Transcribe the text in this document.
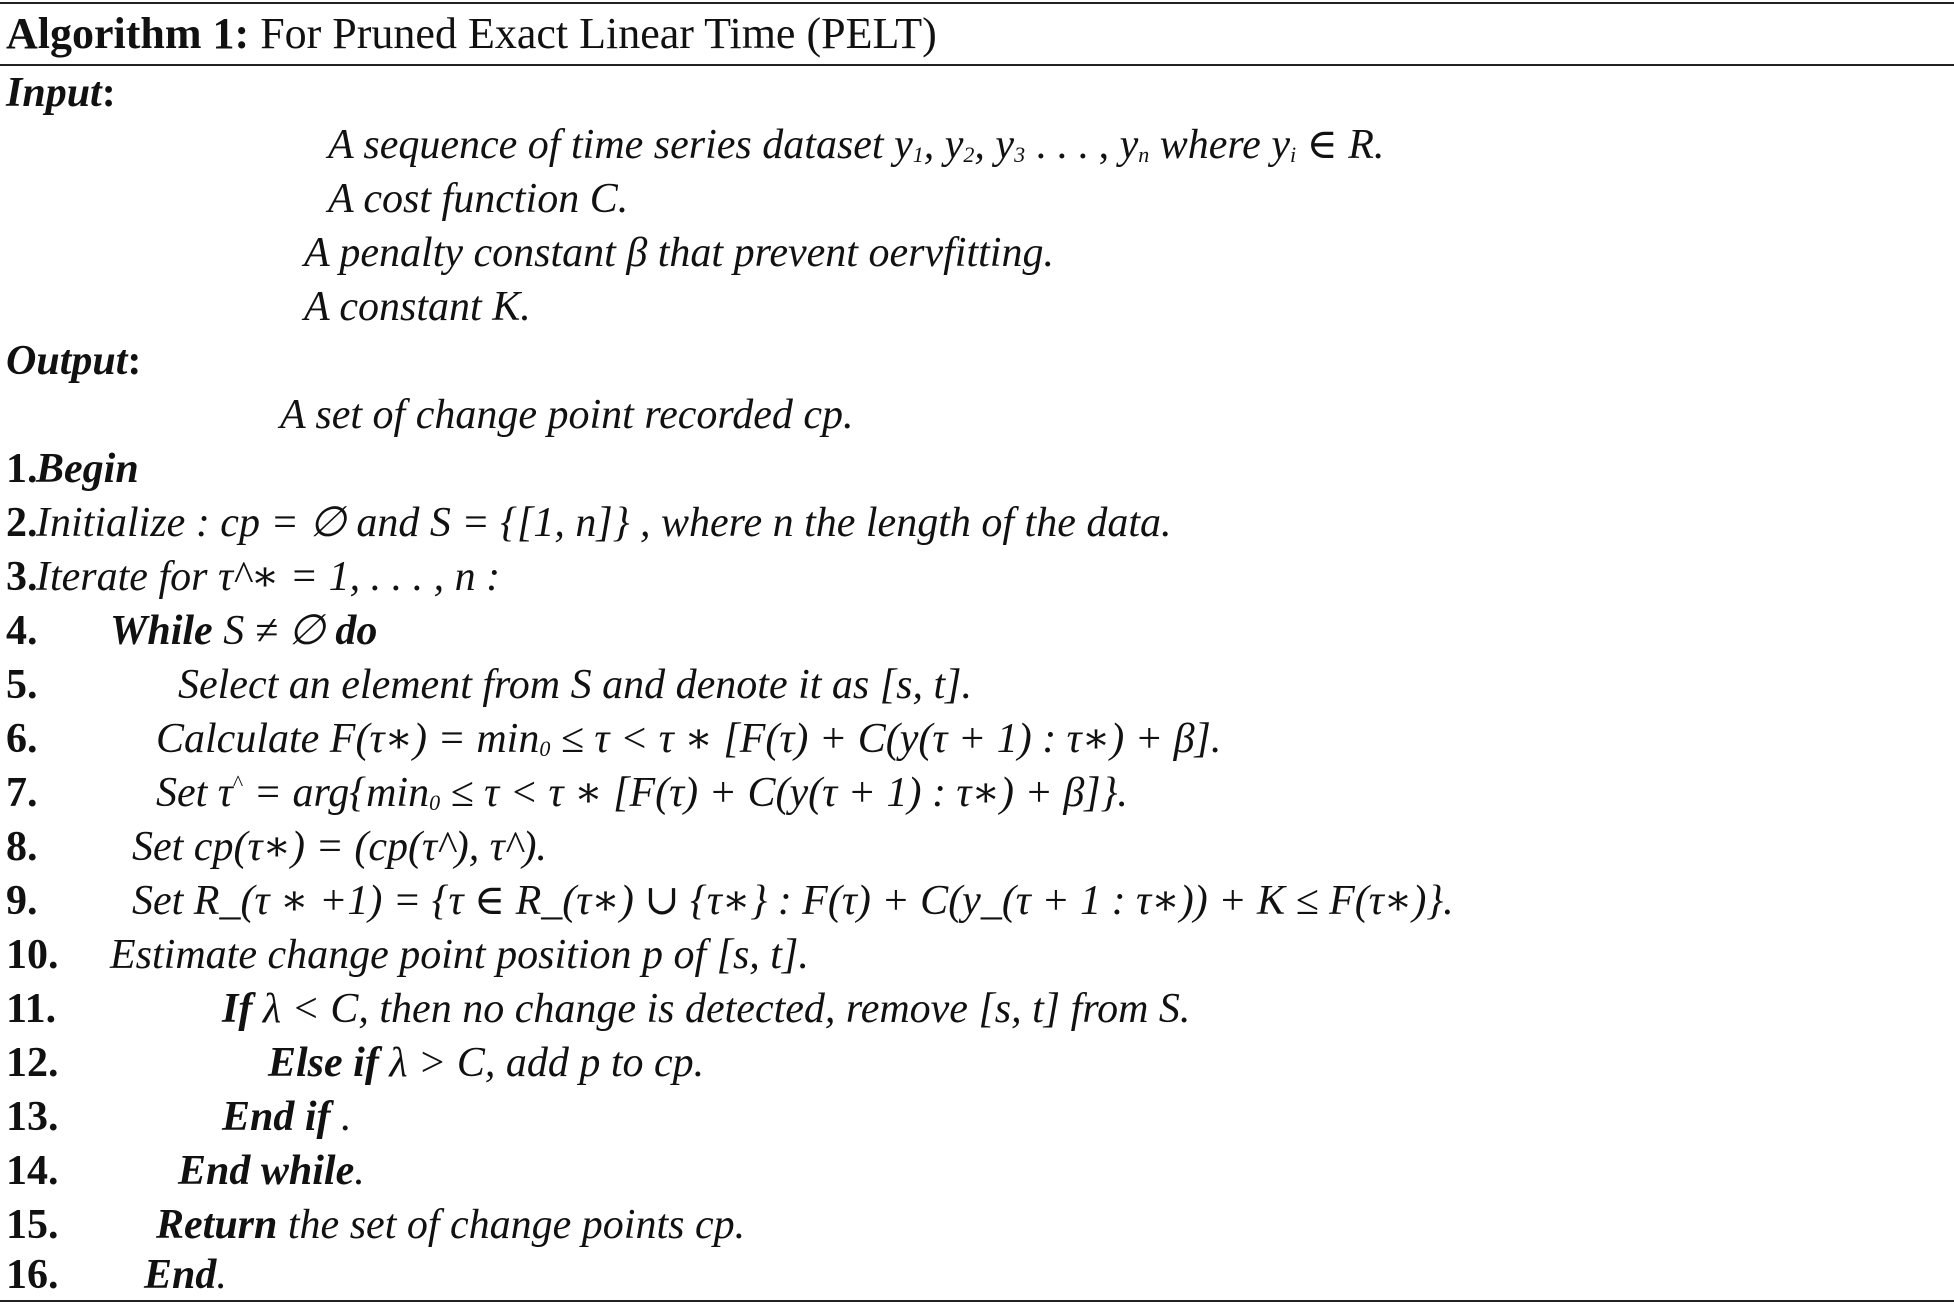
Algorithm 1: For Pruned Exact Linear Time (PELT)
Input:
A sequence of time series dataset $y_1$, $y_2$, $y_3$ . . . , $y_n$ where $y_i$ ∈ R.
A cost function C.
A penalty constant β that prevent oervfitting.
A constant K.
Output:
A set of change point recorded cp.
1.
Begin
2.
Initialize : cp = ∅ and S = {[1, n]} , where n the length of the data.
3.
Iterate for τ^∗ = 1, . . . , n :
4. While S ≠ ∅ do
5.	Select an element from S and denote it as [s, t].
6.	Calculate F(τ∗) = $\min_0 \le \tau < \tau$ ∗ [F(τ) + C(y(τ + 1) : τ∗) + β].
7.	Set $\tau^{\^{}} = arg\{\min_0 \le \tau < \tau$ ∗ [F(τ) + C(y(τ + 1) : τ∗) + β]}.
8. Set cp(τ∗) = (cp(τ^), τ^).
9. Set R_(τ ∗ +1) = {τ ∈ R_(τ∗) ∪ {τ∗} : F(τ) + C(y_(τ + 1 : τ∗)) + K ≤ F(τ∗)}.
10. Estimate change point position p of [s, t].
11.	If λ < C, then no change is detected, remove [s, t] from S.
12.	Else if λ > C, add p to cp.
13.	End if .
14.	End while.
15. Return the set of change points cp.
16. End.
